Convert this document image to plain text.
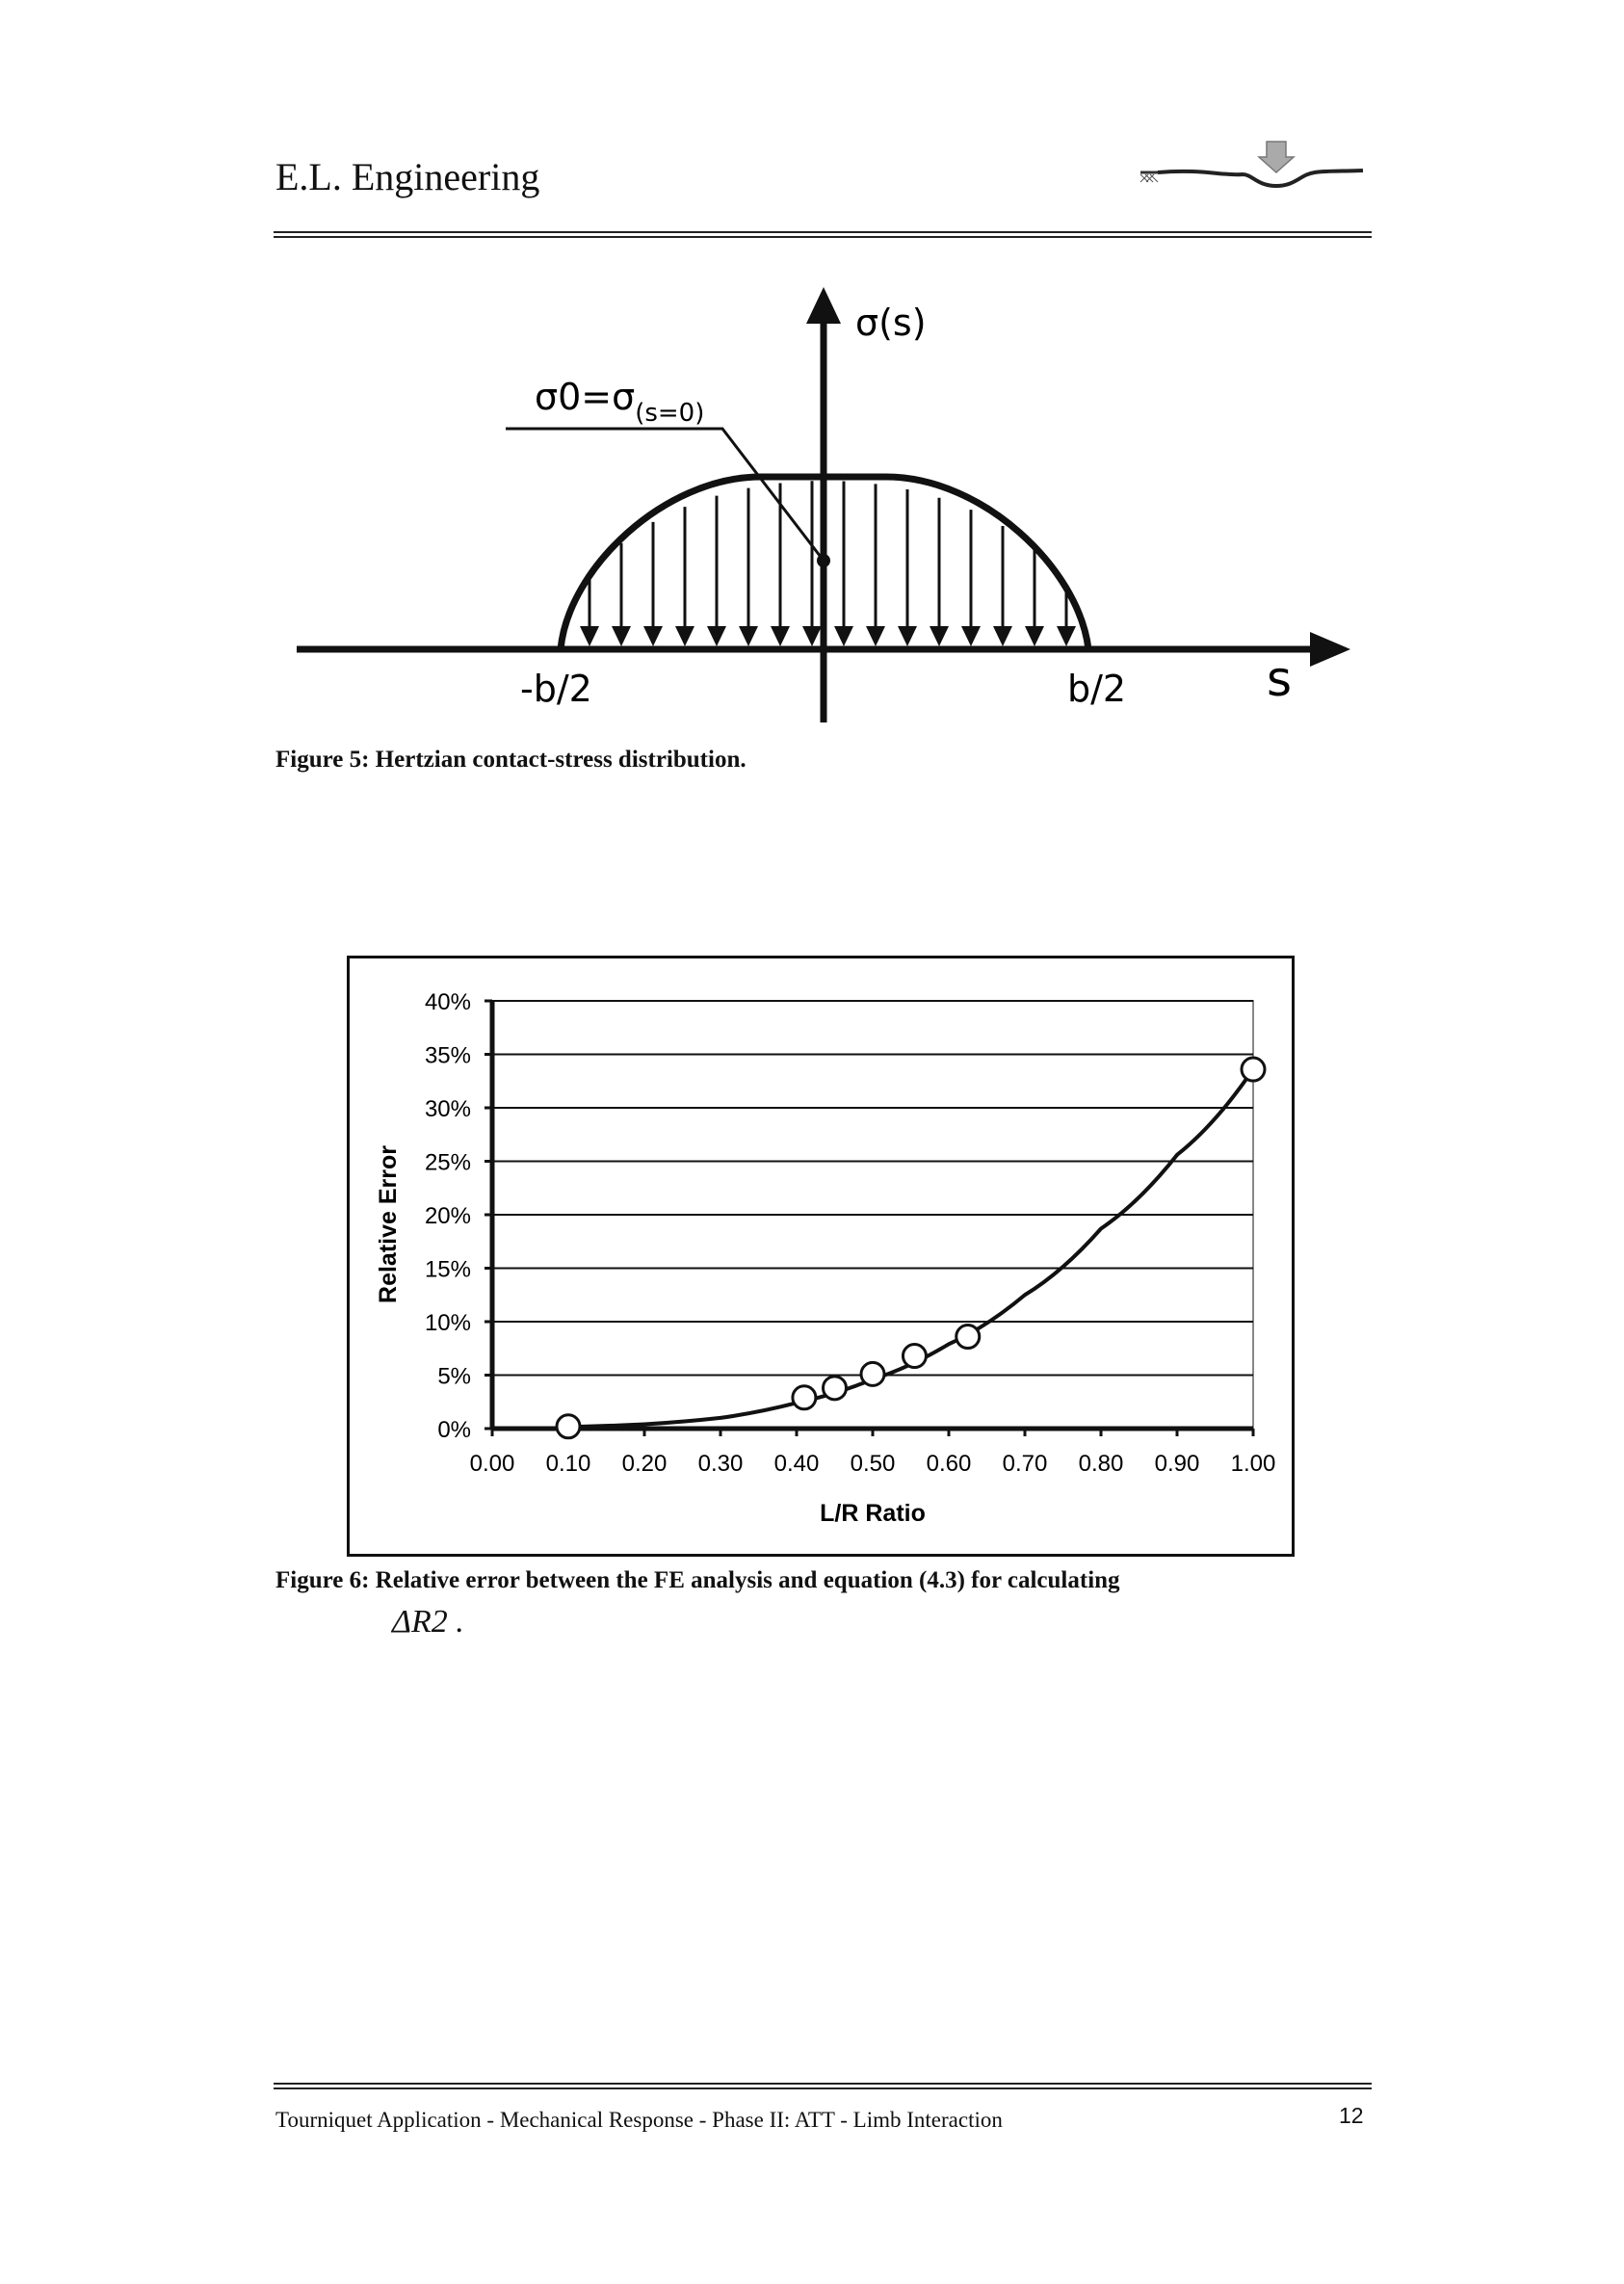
E.L. Engineering
σ(s)
$\sigma 0=\sigma_{(s=0)}$
-b/2	b/2	s
Figure 5: Hertzian contact-stress distribution.
0%
5%
10%
15%
20%
25%
30%
35%
40%
0.00 0.10 0.20 0.30 0.40 0.50 0.60 0.70 0.80 0.90 1.00
L/R Ratio
Relative Error
Figure 6: Relative error between the FE analysis and equation (4.3) for calculating
ΔR2 .
Tourniquet Application - Mechanical Response - Phase II: ATT - Limb Interaction	12
